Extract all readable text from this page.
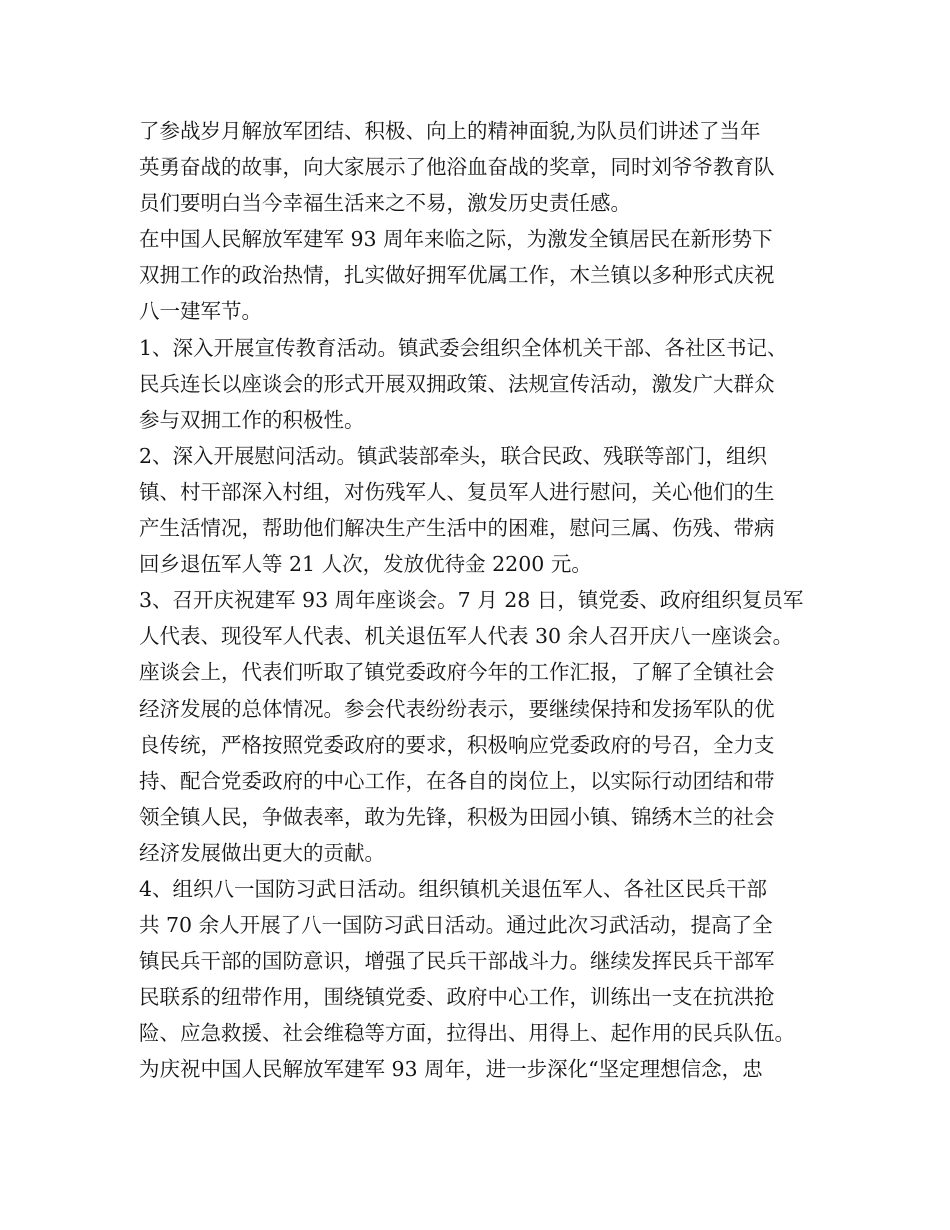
了参战岁月解放军团结、积极、向上的精神面貌,为队员们讲述了当年
英勇奋战的故事，向大家展示了他浴血奋战的奖章，同时刘爷爷教育队
员们要明白当今幸福生活来之不易，激发历史责任感。
在中国人民解放军建军 93 周年来临之际，为激发全镇居民在新形势下
双拥工作的政治热情，扎实做好拥军优属工作，木兰镇以多种形式庆祝
八一建军节。
1、深入开展宣传教育活动。镇武委会组织全体机关干部、各社区书记、
民兵连长以座谈会的形式开展双拥政策、法规宣传活动，激发广大群众
参与双拥工作的积极性。
2、深入开展慰问活动。镇武装部牵头，联合民政、残联等部门，组织
镇、村干部深入村组，对伤残军人、复员军人进行慰问，关心他们的生
产生活情况，帮助他们解决生产生活中的困难，慰问三属、伤残、带病
回乡退伍军人等 21 人次，发放优待金 2200 元。
3、召开庆祝建军 93 周年座谈会。7 月 28 日，镇党委、政府组织复员军
人代表、现役军人代表、机关退伍军人代表 30 余人召开庆八一座谈会。
座谈会上，代表们听取了镇党委政府今年的工作汇报，了解了全镇社会
经济发展的总体情况。参会代表纷纷表示，要继续保持和发扬军队的优
良传统，严格按照党委政府的要求，积极响应党委政府的号召，全力支
持、配合党委政府的中心工作，在各自的岗位上，以实际行动团结和带
领全镇人民，争做表率，敢为先锋，积极为田园小镇、锦绣木兰的社会
经济发展做出更大的贡献。
4、组织八一国防习武日活动。组织镇机关退伍军人、各社区民兵干部
共 70 余人开展了八一国防习武日活动。通过此次习武活动，提高了全
镇民兵干部的国防意识，增强了民兵干部战斗力。继续发挥民兵干部军
民联系的纽带作用，围绕镇党委、政府中心工作，训练出一支在抗洪抢
险、应急救援、社会维稳等方面，拉得出、用得上、起作用的民兵队伍。
为庆祝中国人民解放军建军 93 周年，进一步深化“坚定理想信念，忠
